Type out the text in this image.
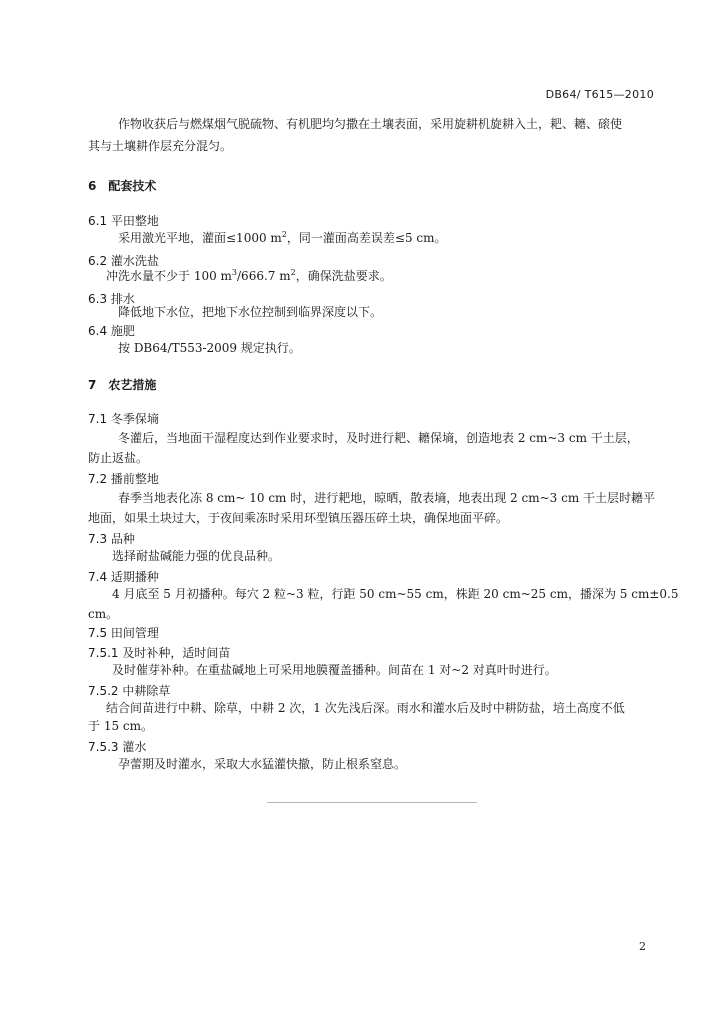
DB64/ T615—2010
作物收获后与燃煤烟气脱硫物、有机肥均匀撒在土壤表面，采用旋耕机旋耕入土，耙、耱、磙使
其与土壤耕作层充分混匀。
6　配套技术
6.1 平田整地
采用激光平地，灌面≤1000 $m^2$，同一灌面高差误差≤5 cm。
6.2 灌水洗盐
冲洗水量不少于 100 $m^3/666.7$ $m^2$，确保洗盐要求。
6.3 排水
降低地下水位，把地下水位控制到临界深度以下。
6.4 施肥
按 DB64/T553-2009 规定执行。
7　农艺措施
7.1 冬季保墒
冬灌后，当地面干湿程度达到作业要求时，及时进行耙、耱保墒，创造地表 2 cm~3 cm 干土层，
防止返盐。
7.2 播前整地
春季当地表化冻 8 cm~ 10 cm 时，进行耙地，晾晒，散表墒，地表出现 2 cm~3 cm 干土层时耱平
地面，如果土块过大，于夜间乘冻时采用环型镇压器压碎土块，确保地面平碎。
7.3 品种
选择耐盐碱能力强的优良品种。
7.4 适期播种
4 月底至 5 月初播种。每穴 2 粒~3 粒，行距 50 cm~55 cm，株距 20 cm~25 cm，播深为 5 cm±0.5
cm。
7.5 田间管理
7.5.1 及时补种，适时间苗
及时催芽补种。在重盐碱地上可采用地膜覆盖播种。间苗在 1 对~2 对真叶时进行。
7.5.2 中耕除草
结合间苗进行中耕、除草，中耕 2 次，1 次先浅后深。雨水和灌水后及时中耕防盐，培土高度不低
于 15 cm。
7.5.3 灌水
孕蕾期及时灌水，采取大水猛灌快撤，防止根系窒息。
2
